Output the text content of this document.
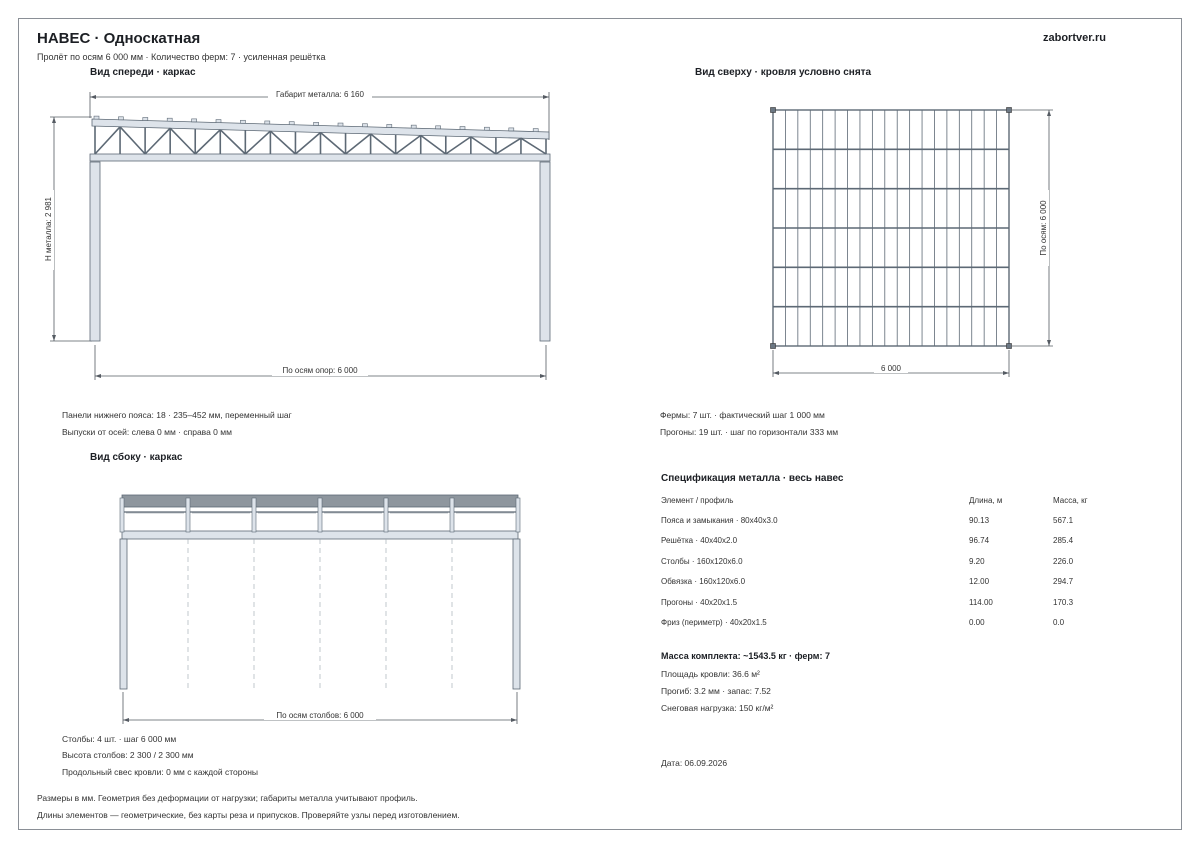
НАВЕС · Односкатная
Пролёт по осям 6 000 мм · Количество ферм: 7 · усиленная решётка
zabortver.ru
Вид спереди · каркас
Габарит металла: 6 160
По осям опор: 6 000
Н металла: 2 981
Панели нижнего пояса: 18 · 235–452 мм, переменный шаг
Выпуски от осей: слева 0 мм · справа 0 мм
Вид сверху · кровля условно снята
6 000
По осям: 6 000
Фермы: 7 шт. · фактический шаг 1 000 мм
Прогоны: 19 шт. · шаг по горизонтали 333 мм
Вид сбоку · каркас
По осям столбов: 6 000
Столбы: 4 шт. · шаг 6 000 мм
Высота столбов: 2 300 / 2 300 мм
Продольный свес кровли: 0 мм с каждой стороны
Спецификация металла · весь навес
Элемент / профиль	Длина, м	Масса, кг
Пояса и замыкания · 80х40х3.0	90.13	567.1
Решётка · 40х40х2.0	96.74	285.4
Столбы · 160х120х6.0	9.20	226.0
Обвязка · 160х120х6.0	12.00	294.7
Прогоны · 40х20х1.5	114.00	170.3
Фриз (периметр) · 40х20х1.5	0.00	0.0
Масса комплекта: ~1543.5 кг · ферм: 7
Площадь кровли: 36.6 м²
Прогиб: 3.2 мм · запас: 7.52
Снеговая нагрузка: 150 кг/м²
Дата: 06.09.2026
Размеры в мм. Геометрия без деформации от нагрузки; габариты металла учитывают профиль.
Длины элементов — геометрические, без карты реза и припусков. Проверяйте узлы перед изготовлением.
